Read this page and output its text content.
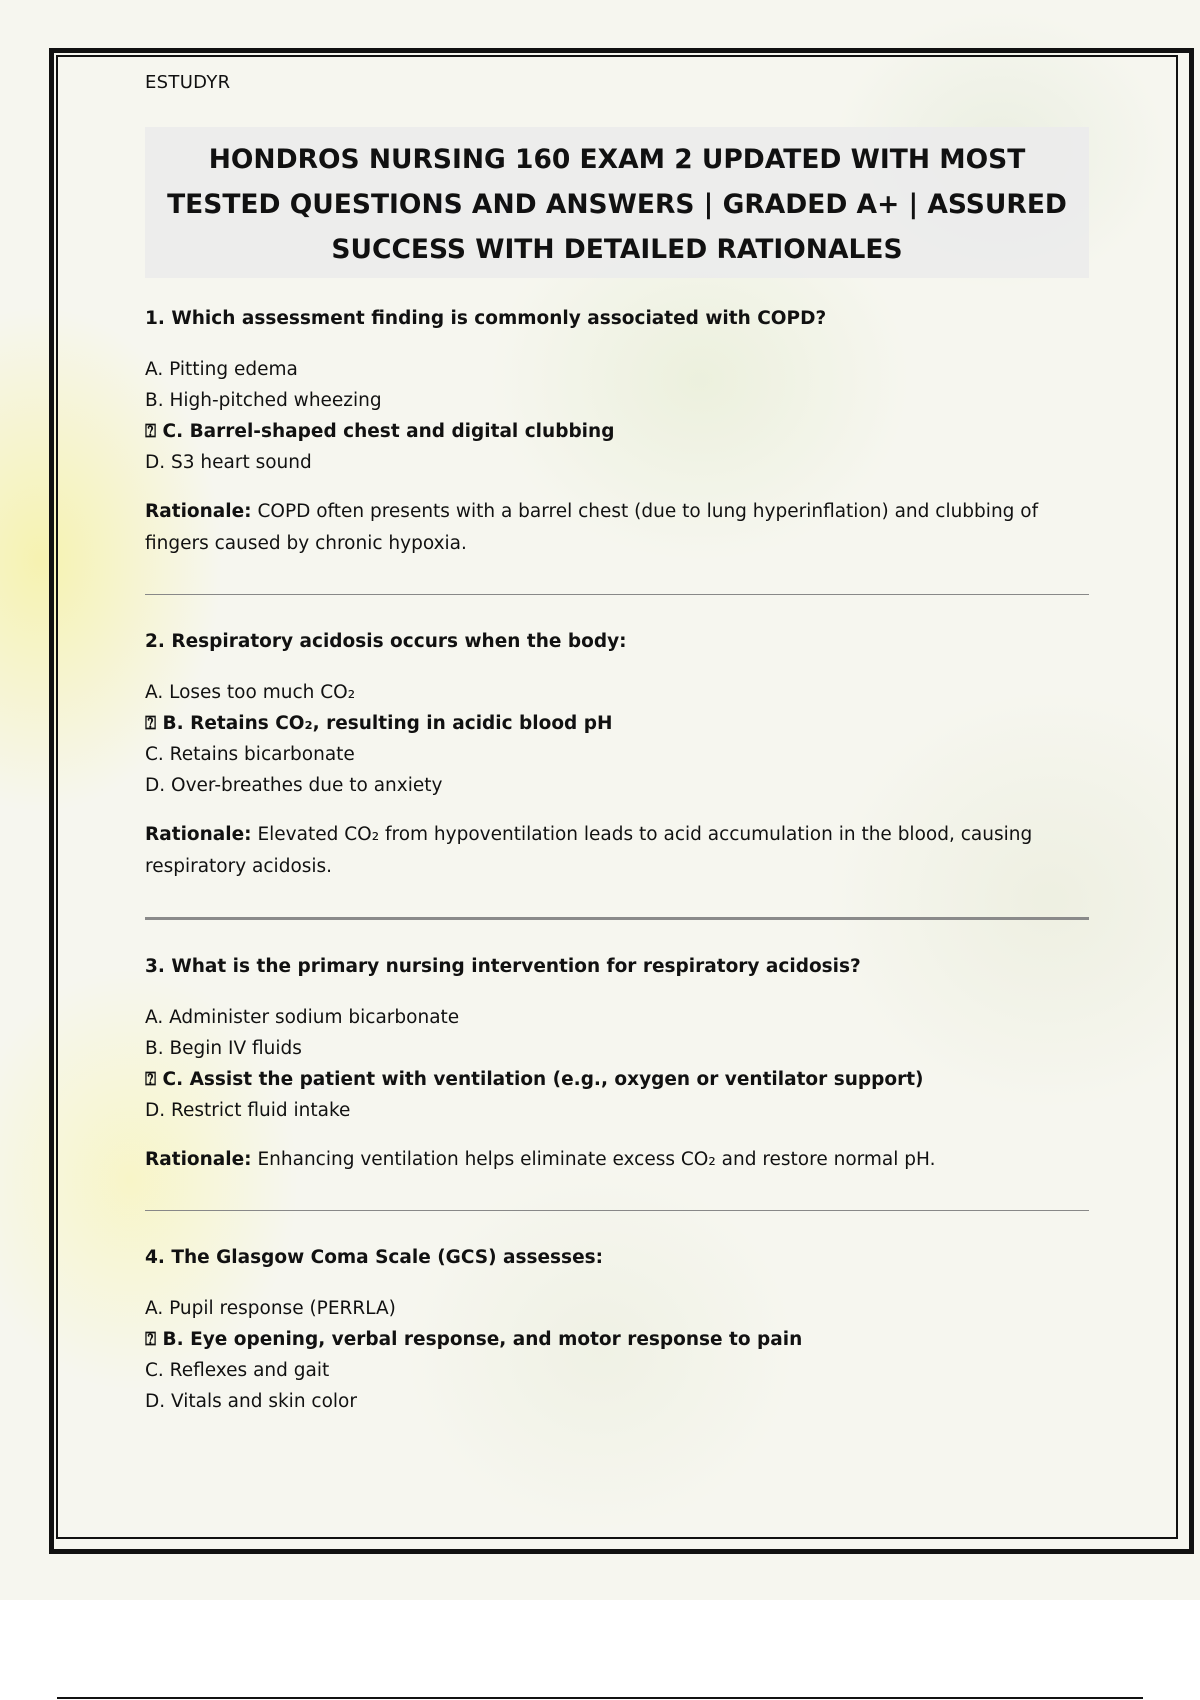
ESTUDYR
HONDROS NURSING 160 EXAM 2 UPDATED WITH MOST TESTED QUESTIONS AND ANSWERS | GRADED A+ | ASSURED SUCCESS WITH DETAILED RATIONALES
1. Which assessment finding is commonly associated with COPD?
A. Pitting edema
B. High-pitched wheezing
⍰ C. Barrel-shaped chest and digital clubbing
D. S3 heart sound
Rationale: COPD often presents with a barrel chest (due to lung hyperinflation) and clubbing of fingers caused by chronic hypoxia.
2. Respiratory acidosis occurs when the body:
A. Loses too much CO₂
⍰ B. Retains CO₂, resulting in acidic blood pH
C. Retains bicarbonate
D. Over-breathes due to anxiety
Rationale: Elevated CO₂ from hypoventilation leads to acid accumulation in the blood, causing respiratory acidosis.
3. What is the primary nursing intervention for respiratory acidosis?
A. Administer sodium bicarbonate
B. Begin IV fluids
⍰ C. Assist the patient with ventilation (e.g., oxygen or ventilator support)
D. Restrict fluid intake
Rationale: Enhancing ventilation helps eliminate excess CO₂ and restore normal pH.
4. The Glasgow Coma Scale (GCS) assesses:
A. Pupil response (PERRLA)
⍰ B. Eye opening, verbal response, and motor response to pain
C. Reflexes and gait
D. Vitals and skin color
